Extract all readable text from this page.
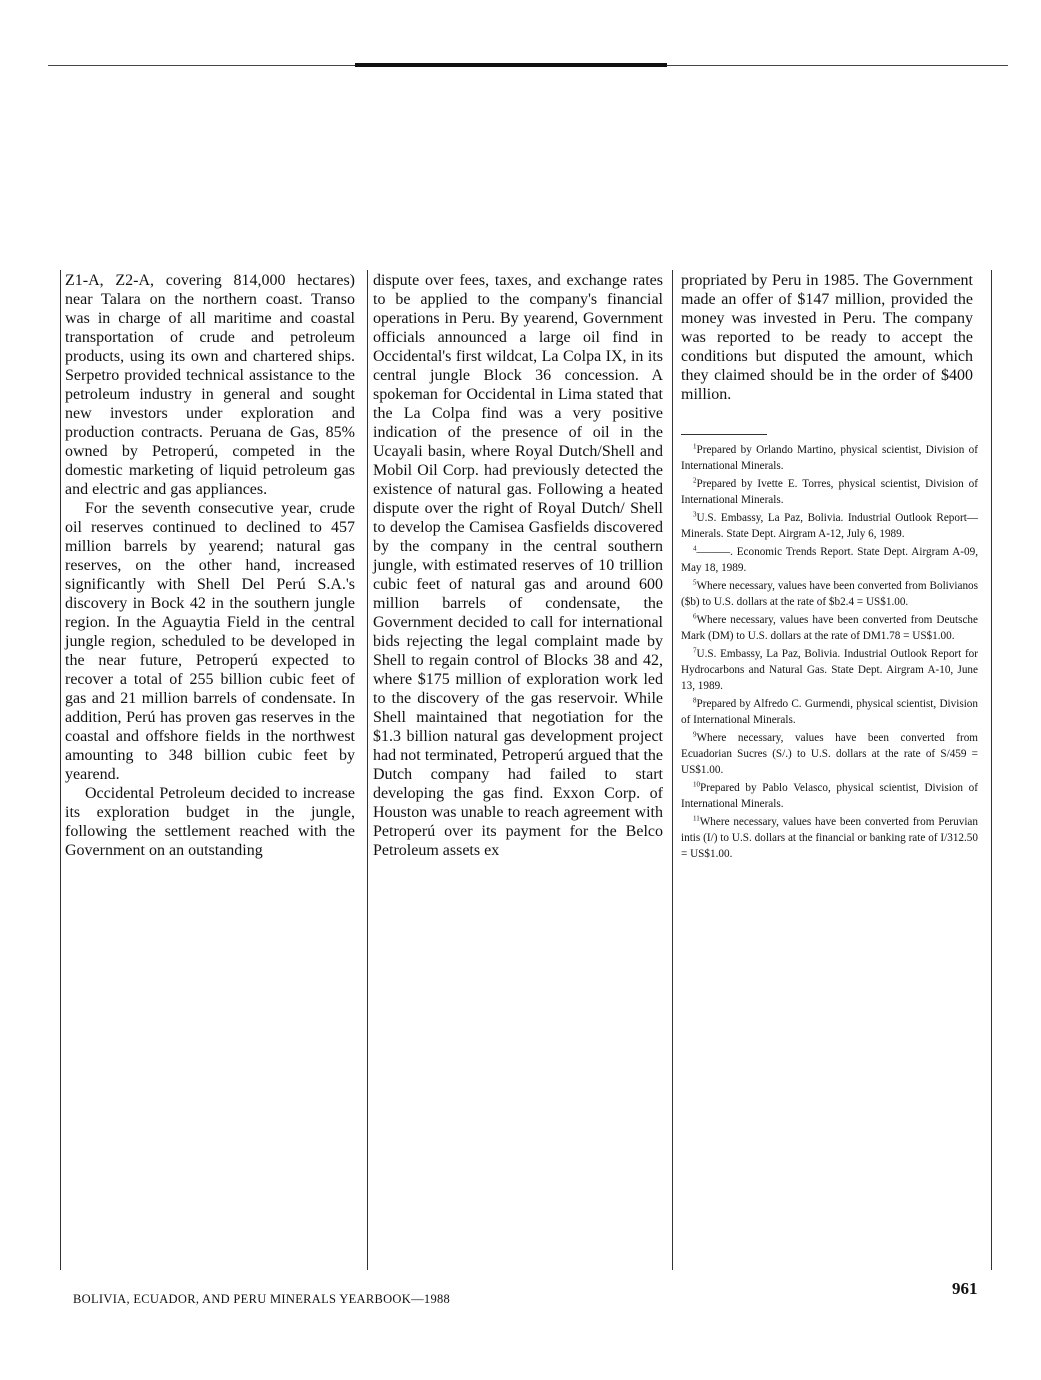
Z1-A, Z2-A, covering 814,000 hectares) near Talara on the northern coast. Transo was in charge of all maritime and coastal transportation of crude and petroleum products, using its own and chartered ships. Serpetro provided technical assistance to the petroleum industry in general and sought new investors under exploration and production contracts. Peruana de Gas, 85% owned by Petroperú, competed in the domestic marketing of liquid petroleum gas and electric and gas appliances.

For the seventh consecutive year, crude oil reserves continued to declined to 457 million barrels by yearend; natural gas reserves, on the other hand, increased significantly with Shell Del Perú S.A.'s discovery in Bock 42 in the southern jungle region. In the Aguaytia Field in the central jungle region, scheduled to be developed in the near future, Petroperú expected to recover a total of 255 billion cubic feet of gas and 21 million barrels of condensate. In addition, Perú has proven gas reserves in the coastal and offshore fields in the northwest amounting to 348 billion cubic feet by yearend.

Occidental Petroleum decided to increase its exploration budget in the jungle, following the settlement reached with the Government on an outstanding

dispute over fees, taxes, and exchange rates to be applied to the company's financial operations in Peru. By yearend, Government officials announced a large oil find in Occidental's first wildcat, La Colpa IX, in its central jungle Block 36 concession. A spokeman for Occidental in Lima stated that the La Colpa find was a very positive indication of the presence of oil in the Ucayali basin, where Royal Dutch/Shell and Mobil Oil Corp. had previously detected the existence of natural gas. Following a heated dispute over the right of Royal Dutch/ Shell to develop the Camisea Gasfields discovered by the company in the central southern jungle, with estimated reserves of 10 trillion cubic feet of natural gas and around 600 million barrels of condensate, the Government decided to call for international bids rejecting the legal complaint made by Shell to regain control of Blocks 38 and 42, where $175 million of exploration work led to the discovery of the gas reservoir. While Shell maintained that negotiation for the $1.3 billion natural gas development project had not terminated, Petroperú argued that the Dutch company had failed to start developing the gas find. Exxon Corp. of Houston was unable to reach agreement with Petroperú over its payment for the Belco Petroleum assets ex

propriated by Peru in 1985. The Government made an offer of $147 million, provided the money was invested in Peru. The company was reported to be ready to accept the conditions but disputed the amount, which they claimed should be in the order of $400 million.

$^1$Prepared by Orlando Martino, physical scientist, Division of International Minerals.

$^2$Prepared by Ivette E. Torres, physical scientist, Division of International Minerals.

$^3$U.S. Embassy, La Paz, Bolivia. Industrial Outlook Report—Minerals. State Dept. Airgram A-12, July 6, 1989.

$^4$———. Economic Trends Report. State Dept. Airgram A-09, May 18, 1989.

$^5$Where necessary, values have been converted from Bolivianos ($b) to U.S. dollars at the rate of $b2.4 = US$1.00.

$^6$Where necessary, values have been converted from Deutsche Mark (DM) to U.S. dollars at the rate of DM1.78 = US$1.00.

$^7$U.S. Embassy, La Paz, Bolivia. Industrial Outlook Report for Hydrocarbons and Natural Gas. State Dept. Airgram A-10, June 13, 1989.

$^8$Prepared by Alfredo C. Gurmendi, physical scientist, Division of International Minerals.

$^9$Where necessary, values have been converted from Ecuadorian Sucres (S/.) to U.S. dollars at the rate of S/459 = US$1.00.

$^{10}$Prepared by Pablo Velasco, physical scientist, Division of International Minerals.

$^{11}$Where necessary, values have been converted from Peruvian intis (I/) to U.S. dollars at the financial or banking rate of I/312.50 = US$1.00.

BOLIVIA, ECUADOR, AND PERU MINERALS YEARBOOK—1988
961
